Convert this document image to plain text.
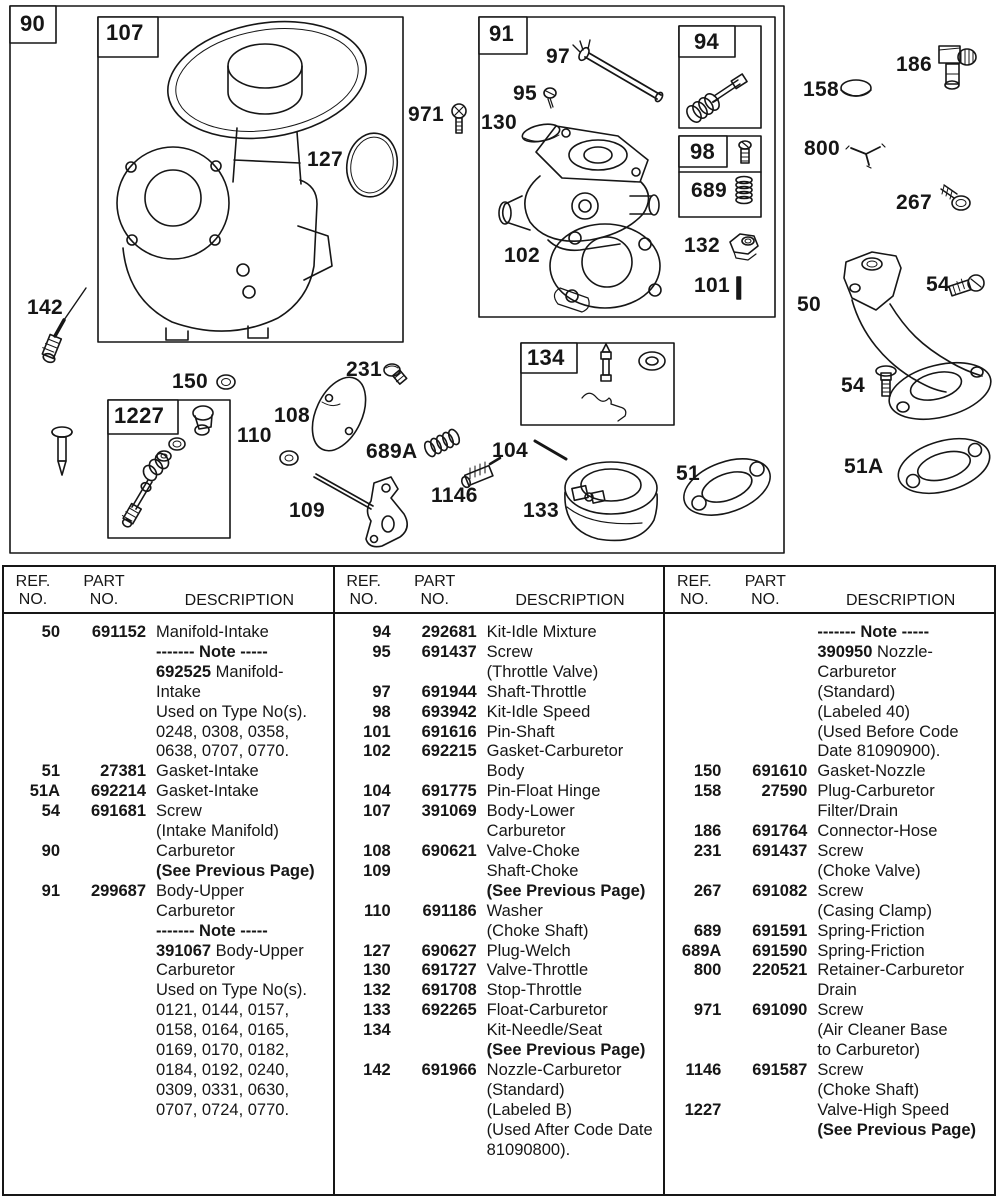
90	107	91	94
98
689
1227
134
971
127
142
97
95
130
102	132
101
150
231
108
110
689A
109
1146
104
133
51
186
158
800
267
54
50
54
51A
REF.
NO.
PART
NO.	DESCRIPTION
50	691152 Manifold-Intake
------- Note -----
692525 Manifold-
Intake
Used on Type No(s).
0248, 0308, 0358,
0638, 0707, 0770.
51	27381 Gasket-Intake
51A	692214 Gasket-Intake
54	691681 Screw
(Intake Manifold)
90	Carburetor
(See Previous Page)
91	299687 Body-Upper
Carburetor
------- Note -----
391067 Body-Upper
Carburetor
Used on Type No(s).
0121, 0144, 0157,
0158, 0164, 0165,
0169, 0170, 0182,
0184, 0192, 0240,
0309, 0331, 0630,
0707, 0724, 0770.
REF.
NO.
PART
NO.	DESCRIPTION
94	292681 Kit-Idle Mixture
95	691437 Screw
(Throttle Valve)
97	691944 Shaft-Throttle
98	693942 Kit-Idle Speed
101	691616 Pin-Shaft
102	692215 Gasket-Carburetor
Body
104	691775 Pin-Float Hinge
107	391069 Body-Lower
Carburetor
108	690621 Valve-Choke
109	Shaft-Choke
(See Previous Page)
110	691186 Washer
(Choke Shaft)
127	690627 Plug-Welch
130	691727 Valve-Throttle
132	691708 Stop-Throttle
133	692265 Float-Carburetor
134	Kit-Needle/Seat
(See Previous Page)
142	691966 Nozzle-Carburetor
(Standard)
(Labeled B)
(Used After Code Date
81090800).
REF.
NO.
PART
NO.	DESCRIPTION
------- Note -----
390950 Nozzle-
Carburetor
(Standard)
(Labeled 40)
(Used Before Code
Date 81090900).
150	691610 Gasket-Nozzle
158	27590 Plug-Carburetor
Filter/Drain
186	691764 Connector-Hose
231	691437 Screw
(Choke Valve)
267	691082 Screw
(Casing Clamp)
689	691591 Spring-Friction
689A	691590 Spring-Friction
800	220521 Retainer-Carburetor
Drain
971	691090 Screw
(Air Cleaner Base
to Carburetor)
1146	691587 Screw
(Choke Shaft)
1227	Valve-High Speed
(See Previous Page)
